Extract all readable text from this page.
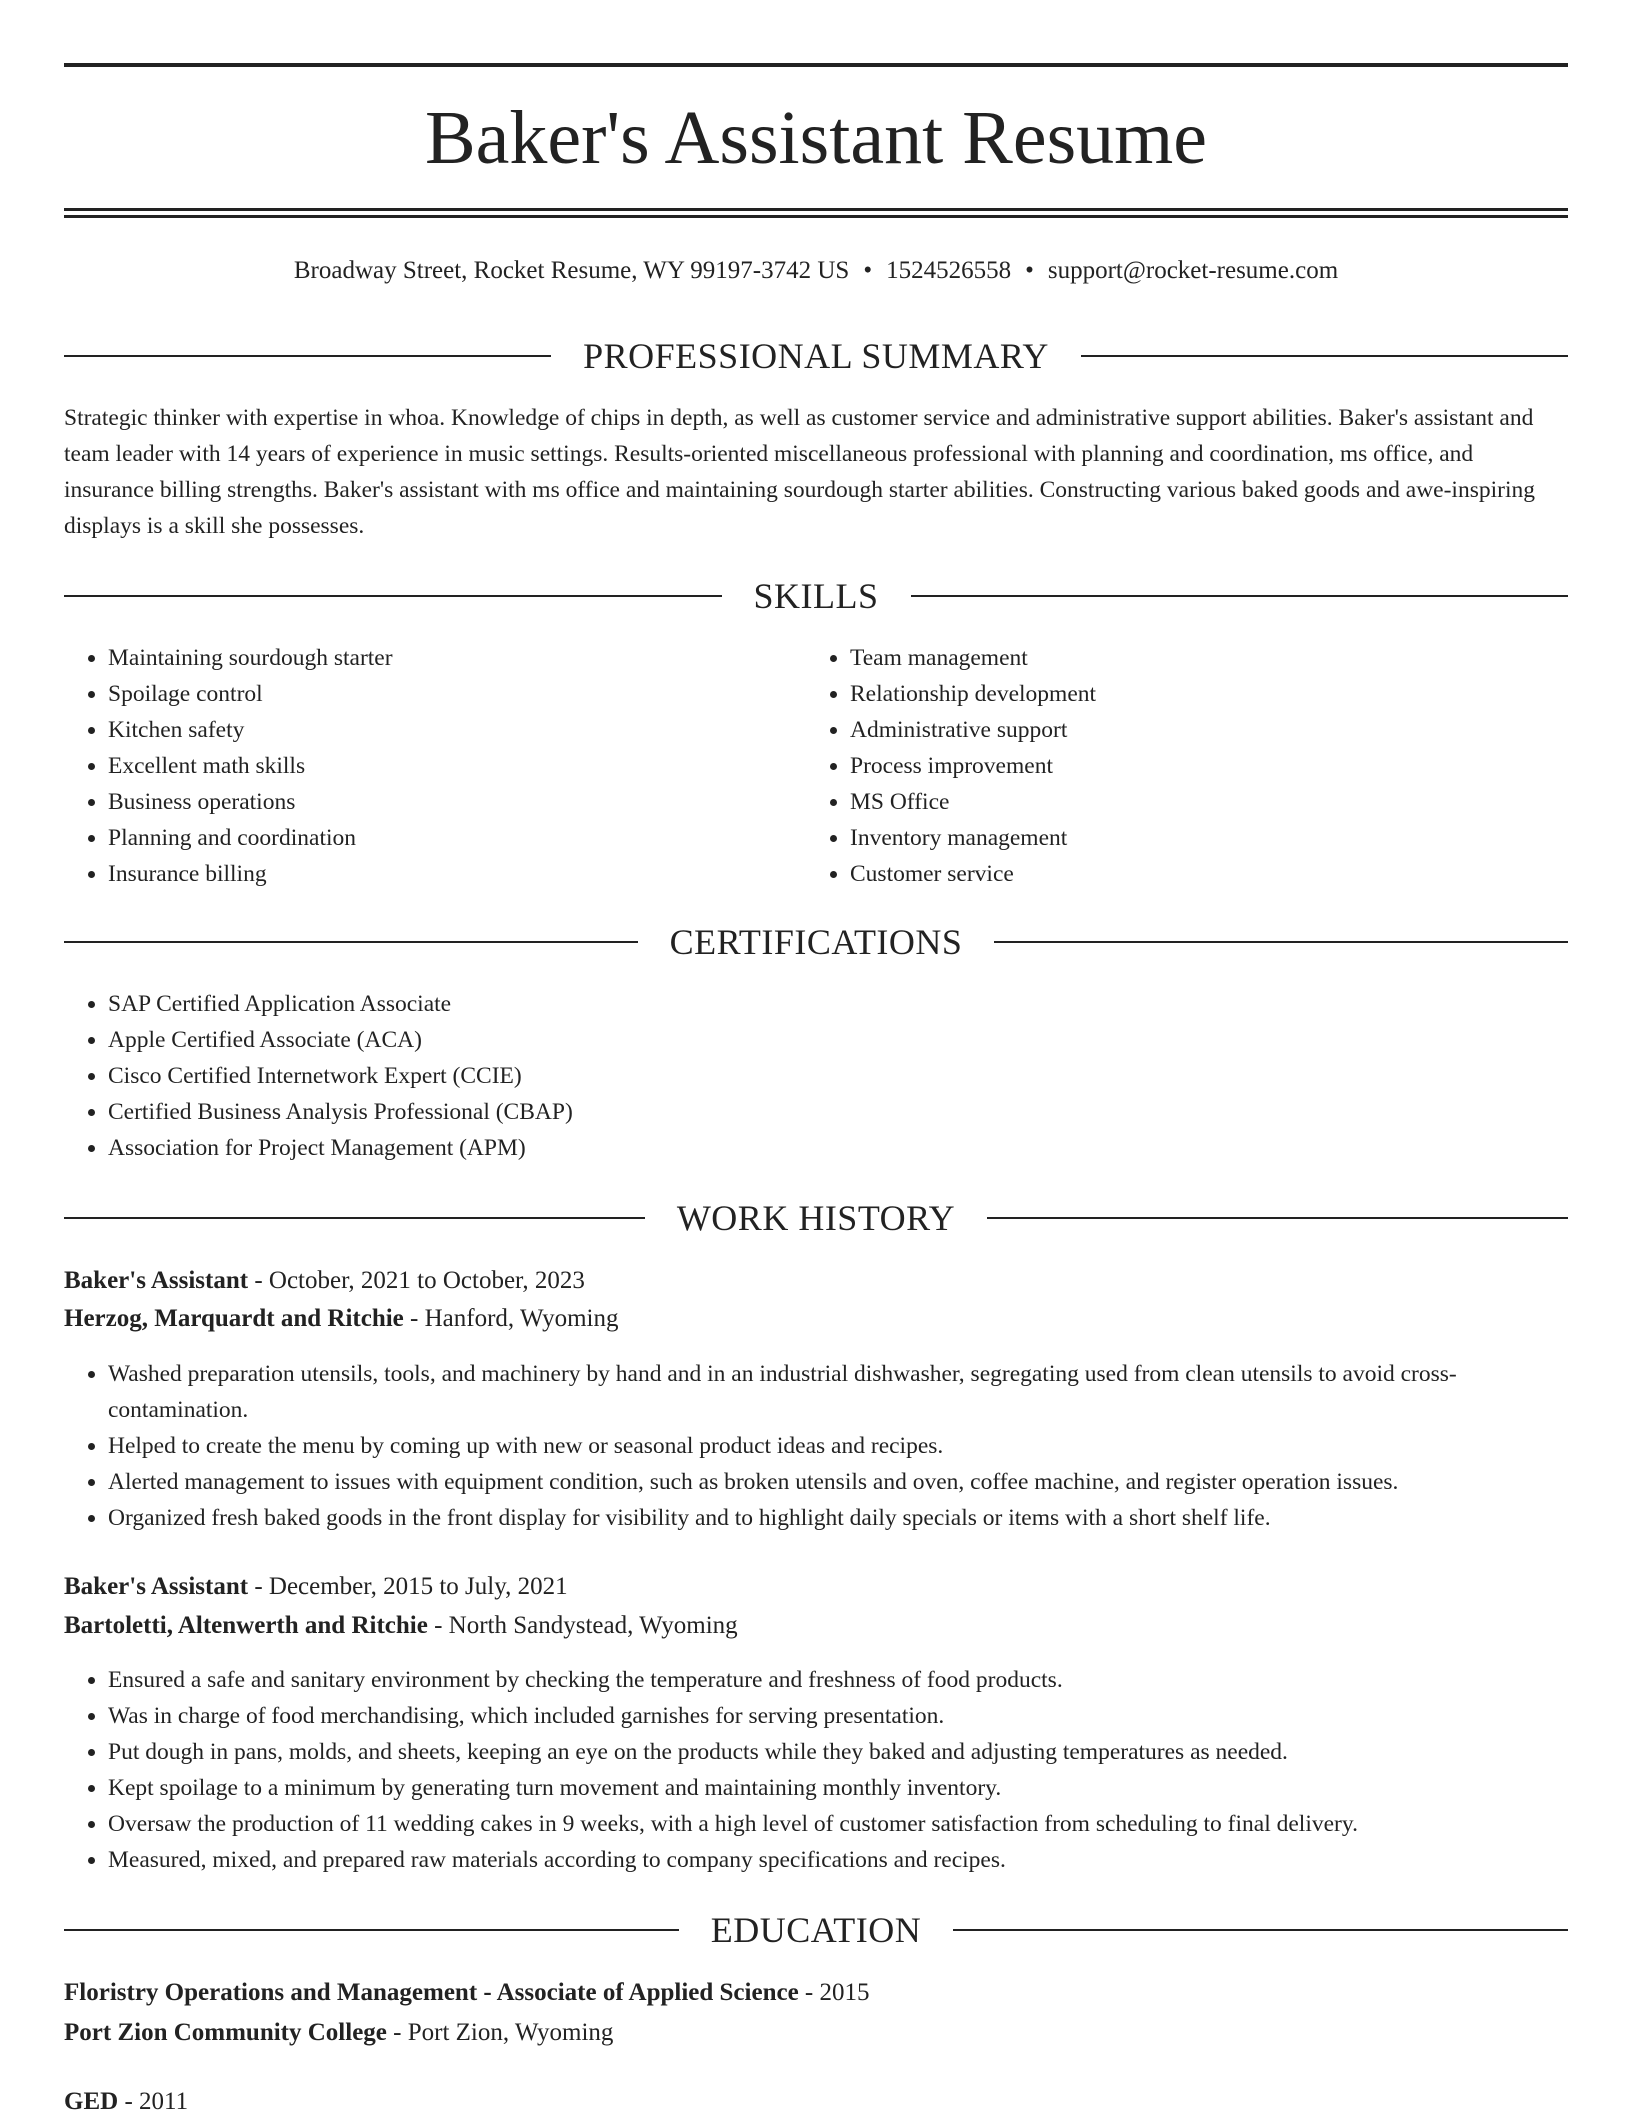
Baker's Assistant Resume
Broadway Street, Rocket Resume, WY 99197-3742 US • 1524526558 • support@rocket-resume.com
PROFESSIONAL SUMMARY

Strategic thinker with expertise in whoa. Knowledge of chips in depth, as well as customer service and administrative support abilities. Baker's assistant and team leader with 14 years of experience in music settings. Results-oriented miscellaneous professional with planning and coordination, ms office, and insurance billing strengths. Baker's assistant with ms office and maintaining sourdough starter abilities. Constructing various baked goods and awe-inspiring displays is a skill she possesses.

SKILLS
• Maintaining sourdough starter
• Spoilage control
• Kitchen safety
• Excellent math skills
• Business operations
• Planning and coordination
• Insurance billing
• Team management
• Relationship development
• Administrative support
• Process improvement
• MS Office
• Inventory management
• Customer service
CERTIFICATIONS
• SAP Certified Application Associate
• Apple Certified Associate (ACA)
• Cisco Certified Internetwork Expert (CCIE)
• Certified Business Analysis Professional (CBAP)
• Association for Project Management (APM)
WORK HISTORY
Baker's Assistant - October, 2021 to October, 2023
Herzog, Marquardt and Ritchie - Hanford, Wyoming
• Washed preparation utensils, tools, and machinery by hand and in an industrial dishwasher, segregating used from clean utensils to avoid cross-contamination.
• Helped to create the menu by coming up with new or seasonal product ideas and recipes.
• Alerted management to issues with equipment condition, such as broken utensils and oven, coffee machine, and register operation issues.
• Organized fresh baked goods in the front display for visibility and to highlight daily specials or items with a short shelf life.
Baker's Assistant - December, 2015 to July, 2021
Bartoletti, Altenwerth and Ritchie - North Sandystead, Wyoming
• Ensured a safe and sanitary environment by checking the temperature and freshness of food products.
• Was in charge of food merchandising, which included garnishes for serving presentation.
• Put dough in pans, molds, and sheets, keeping an eye on the products while they baked and adjusting temperatures as needed.
• Kept spoilage to a minimum by generating turn movement and maintaining monthly inventory.
• Oversaw the production of 11 wedding cakes in 9 weeks, with a high level of customer satisfaction from scheduling to final delivery.
• Measured, mixed, and prepared raw materials according to company specifications and recipes.
EDUCATION
Floristry Operations and Management - Associate of Applied Science - 2015
Port Zion Community College - Port Zion, Wyoming
GED - 2011
